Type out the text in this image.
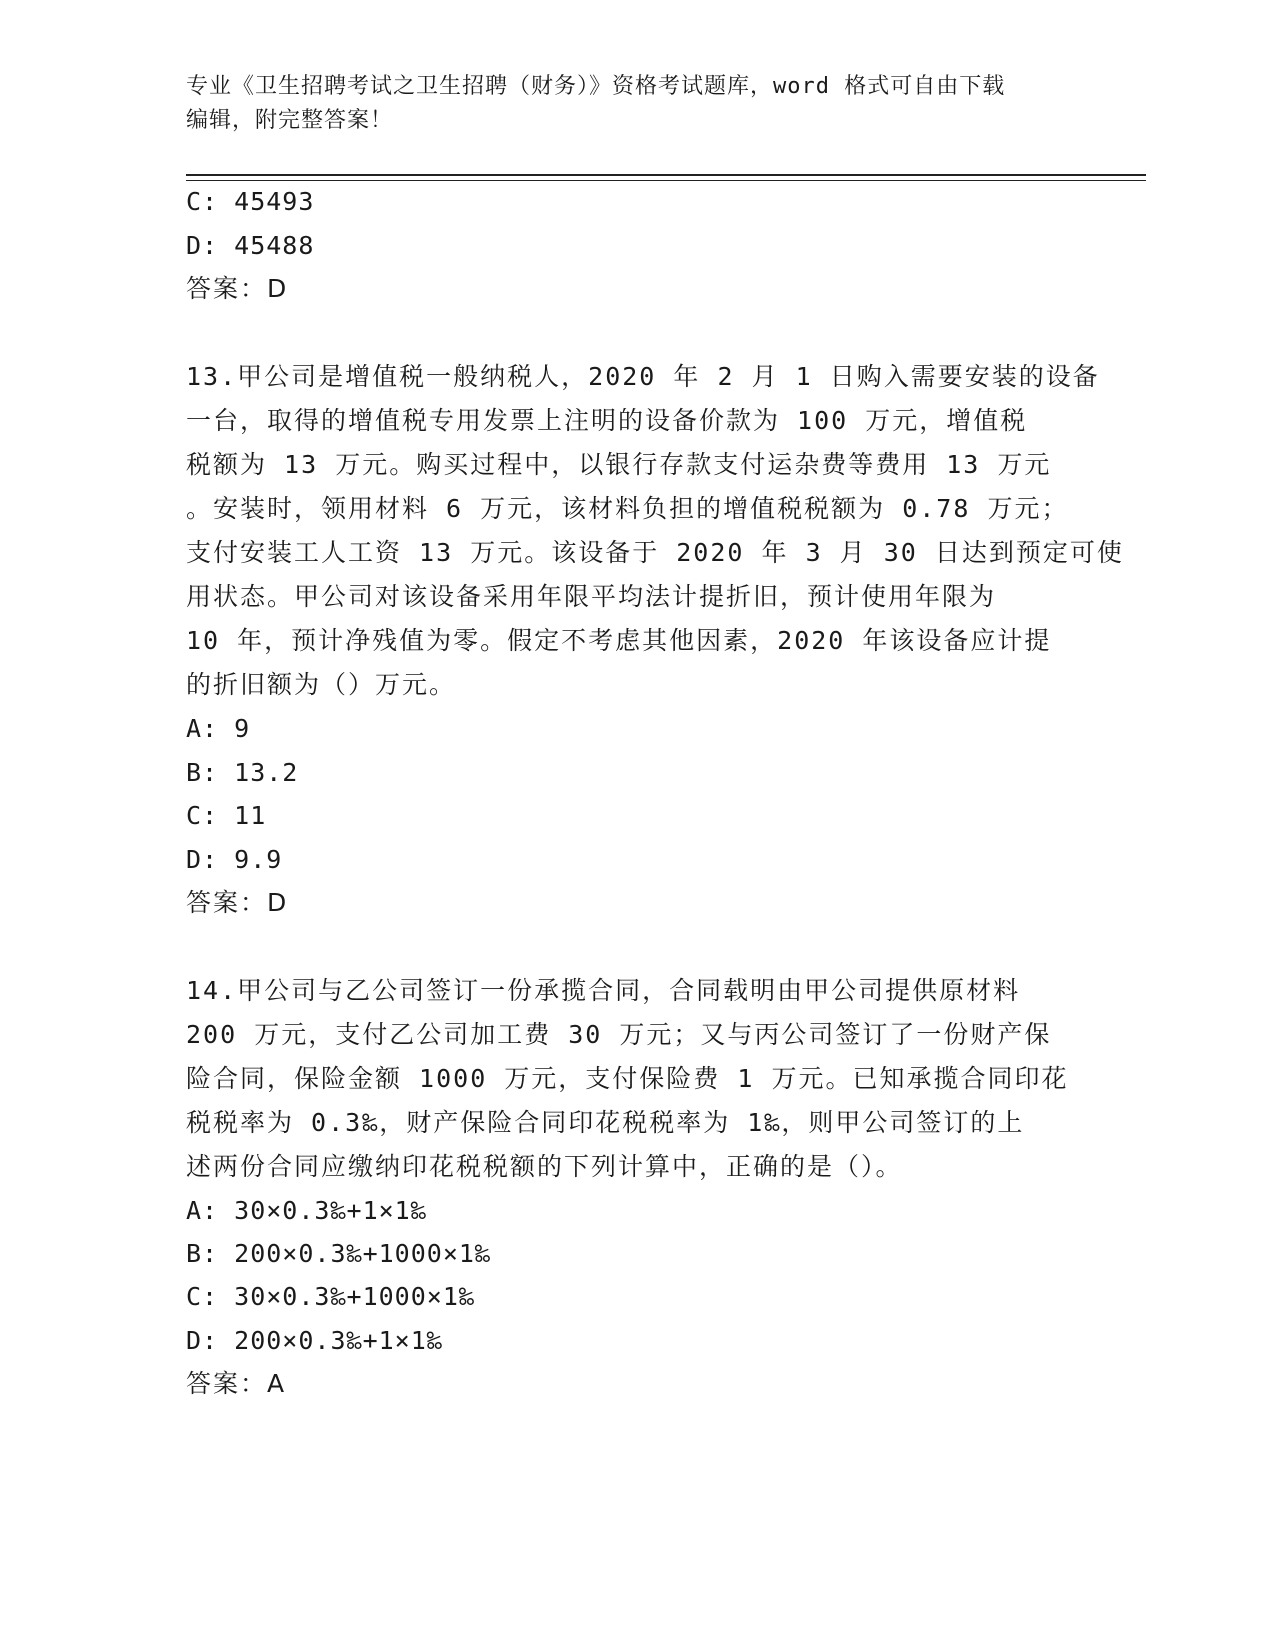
专业《卫生招聘考试之卫生招聘（财务）》资格考试题库，word 格式可自由下载
编辑，附完整答案！

C: 45493
D: 45488
答案：D
13.甲公司是增值税一般纳税人，2020 年 2 月 1 日购入需要安装的设备
一台，取得的增值税专用发票上注明的设备价款为 100 万元，增值税
税额为 13 万元。购买过程中，以银行存款支付运杂费等费用 13 万元
。安装时，领用材料 6 万元，该材料负担的增值税税额为 0.78 万元；
支付安装工人工资 13 万元。该设备于 2020 年 3 月 30 日达到预定可使
用状态。甲公司对该设备采用年限平均法计提折旧，预计使用年限为
10 年，预计净残值为零。假定不考虑其他因素，2020 年该设备应计提
的折旧额为（）万元。
A: 9
B: 13.2
C: 11
D: 9.9
答案：D
14.甲公司与乙公司签订一份承揽合同，合同载明由甲公司提供原材料
200 万元，支付乙公司加工费 30 万元；又与丙公司签订了一份财产保
险合同，保险金额 1000 万元，支付保险费 1 万元。已知承揽合同印花
税税率为 0.3‰，财产保险合同印花税税率为 1‰，则甲公司签订的上
述两份合同应缴纳印花税税额的下列计算中，正确的是（）。
A: 30×0.3‰+1×1‰
B: 200×0.3‰+1000×1‰
C: 30×0.3‰+1000×1‰
D: 200×0.3‰+1×1‰
答案：A
